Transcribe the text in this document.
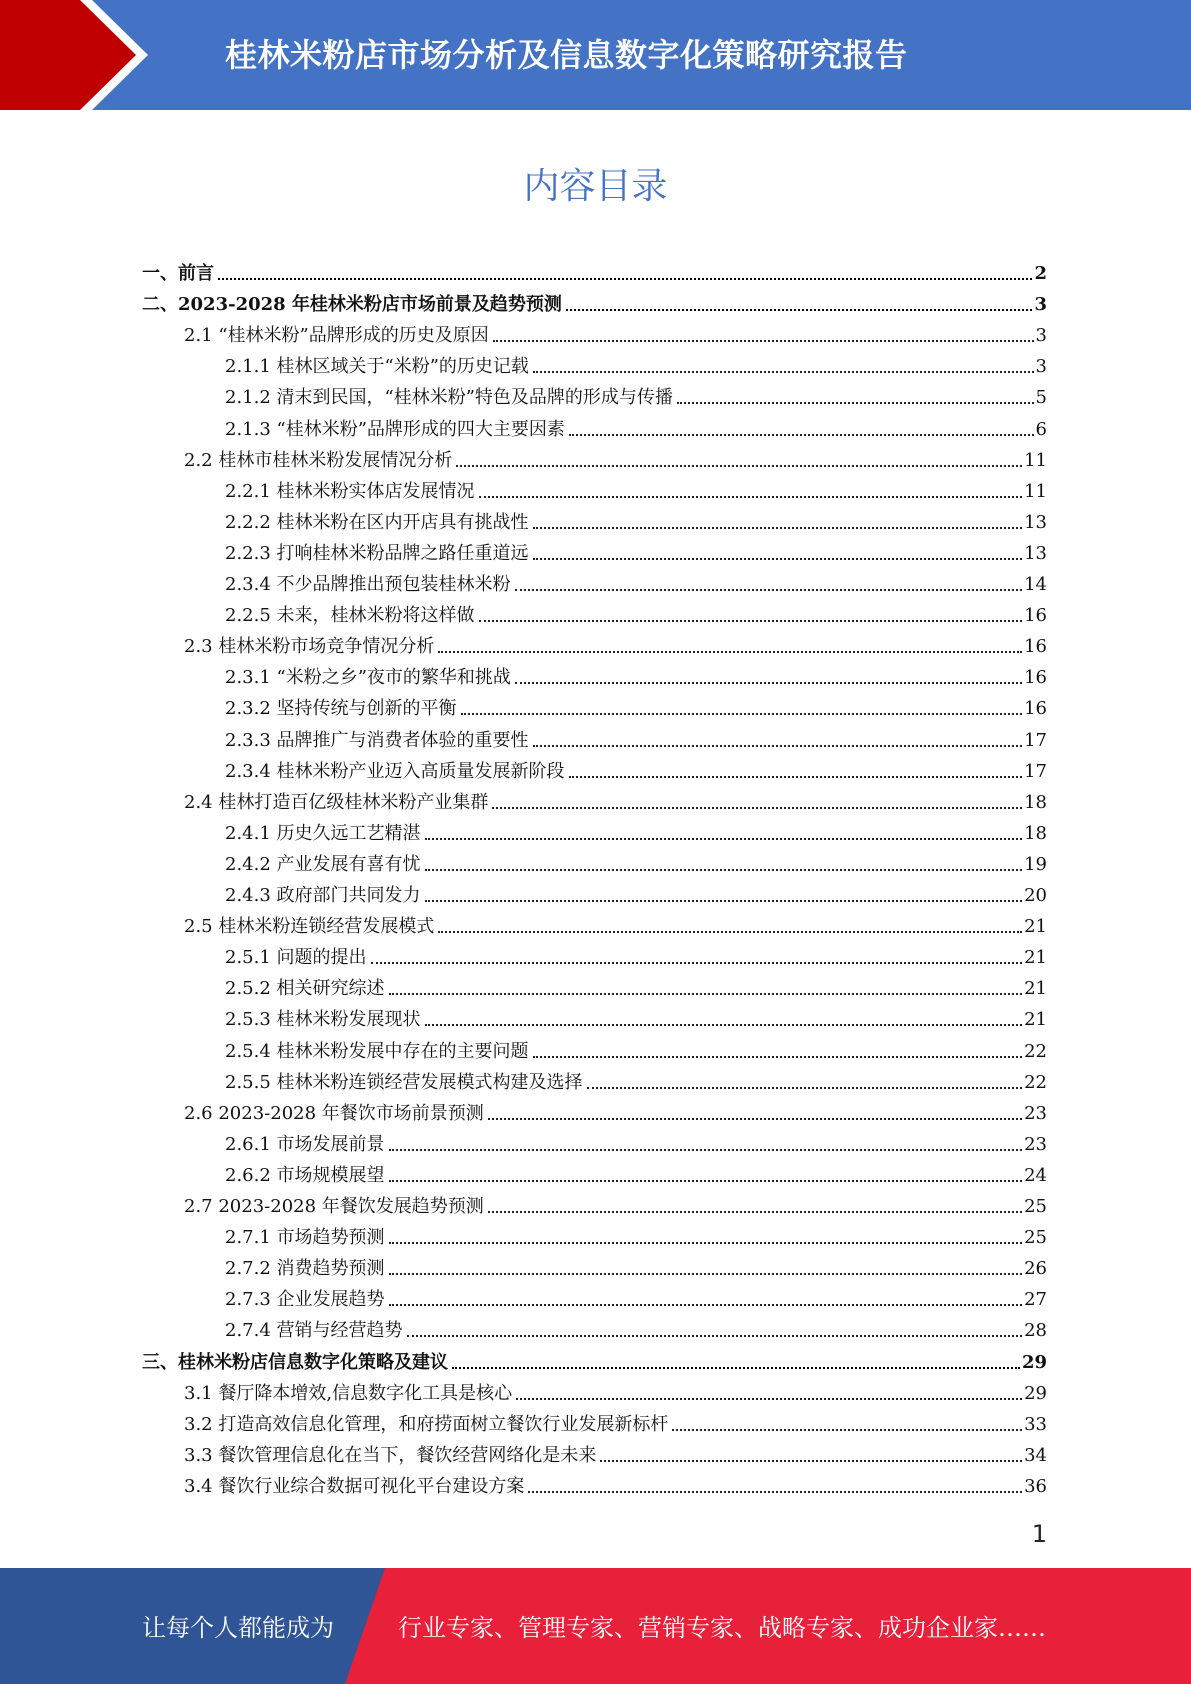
桂林米粉店市场分析及信息数字化策略研究报告
内容目录
一、前言	2
二、2023-2028 年桂林米粉店市场前景及趋势预测	3
2.1 “桂林米粉”品牌形成的历史及原因	3
2.1.1 桂林区域关于“米粉”的历史记载	3
2.1.2 清末到民国，“桂林米粉”特色及品牌的形成与传播	5
2.1.3 “桂林米粉”品牌形成的四大主要因素	6
2.2 桂林市桂林米粉发展情况分析	11
2.2.1 桂林米粉实体店发展情况	11
2.2.2 桂林米粉在区内开店具有挑战性	13
2.2.3 打响桂林米粉品牌之路任重道远	13
2.3.4 不少品牌推出预包装桂林米粉	14
2.2.5 未来，桂林米粉将这样做	16
2.3 桂林米粉市场竞争情况分析	16
2.3.1 “米粉之乡”夜市的繁华和挑战	16
2.3.2 坚持传统与创新的平衡	16
2.3.3 品牌推广与消费者体验的重要性	17
2.3.4 桂林米粉产业迈入高质量发展新阶段	17
2.4 桂林打造百亿级桂林米粉产业集群	18
2.4.1 历史久远工艺精湛	18
2.4.2 产业发展有喜有忧	19
2.4.3 政府部门共同发力	20
2.5 桂林米粉连锁经营发展模式	21
2.5.1 问题的提出	21
2.5.2 相关研究综述	21
2.5.3 桂林米粉发展现状	21
2.5.4 桂林米粉发展中存在的主要问题	22
2.5.5 桂林米粉连锁经营发展模式构建及选择	22
2.6 2023-2028 年餐饮市场前景预测	23
2.6.1 市场发展前景	23
2.6.2 市场规模展望	24
2.7 2023-2028 年餐饮发展趋势预测	25
2.7.1 市场趋势预测	25
2.7.2 消费趋势预测	26
2.7.3 企业发展趋势	27
2.7.4 营销与经营趋势	28
三、桂林米粉店信息数字化策略及建议	29
3.1 餐厅降本增效,信息数字化工具是核心	29
3.2 打造高效信息化管理，和府捞面树立餐饮行业发展新标杆	33
3.3 餐饮管理信息化在当下，餐饮经营网络化是未来	34
3.4 餐饮行业综合数据可视化平台建设方案	36
1
让每个人都能成为	行业专家、管理专家、营销专家、战略专家、成功企业家……
